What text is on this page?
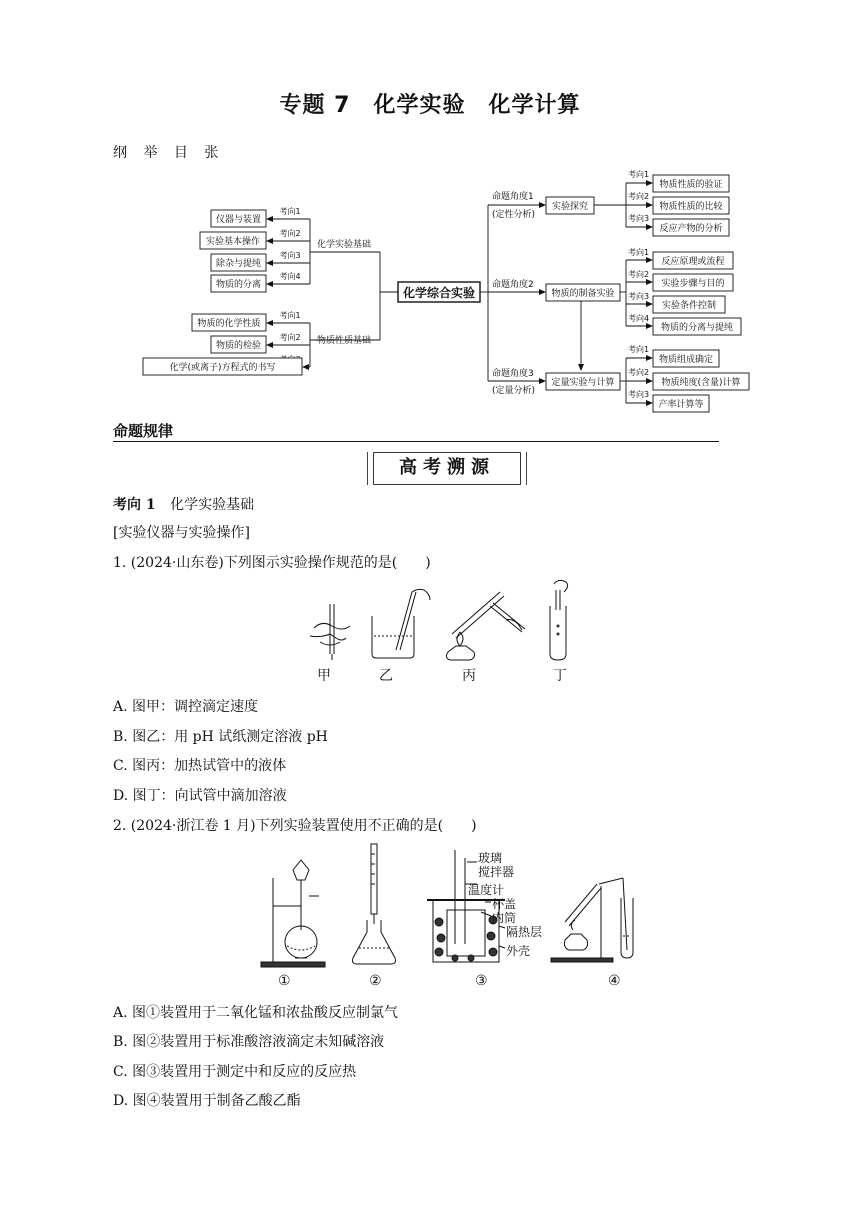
专题 7　化学实验　化学计算
纲 举 目 张
化学综合实验
化学实验基础
物质性质基础
考向1
考向2
考向3
考向4
仪器与装置
实验基本操作
除杂与提纯
物质的分离
考向1
考向2
物质的化学性质
物质的检验
化学(或离子)方程式的书写
命题角度1
(定性分析)
命题角度2
命题角度3
(定量分析)
实验探究
物质的制备实验
定量实验与计算
考向1
考向2
考向3
物质性质的验证
物质性质的比较
反应产物的分析
考向1
考向2
考向3
考向4
反应原理或流程
实验步骤与目的
实验条件控制
物质的分离与提纯
考向1
考向2
考向3
物质组成确定
物质纯度(含量)计算
产率计算等
命题规律
高考溯源
考向 1 化学实验基础
[实验仪器与实验操作]
1. (2024·山东卷)下列图示实验操作规范的是(　　)
甲	乙	丙	丁
A. 图甲：调控滴定速度
B. 图乙：用 pH 试纸测定溶液 pH
C. 图丙：加热试管中的液体
D. 图丁：向试管中滴加溶液
2. (2024·浙江卷 1 月)下列实验装置使用不正确的是(　　)
①	②
玻璃
搅拌器
温度计
杯盖
内筒
隔热层
外壳
③	④
A. 图①装置用于二氧化锰和浓盐酸反应制氯气
B. 图②装置用于标准酸溶液滴定未知碱溶液
C. 图③装置用于测定中和反应的反应热
D. 图④装置用于制备乙酸乙酯
